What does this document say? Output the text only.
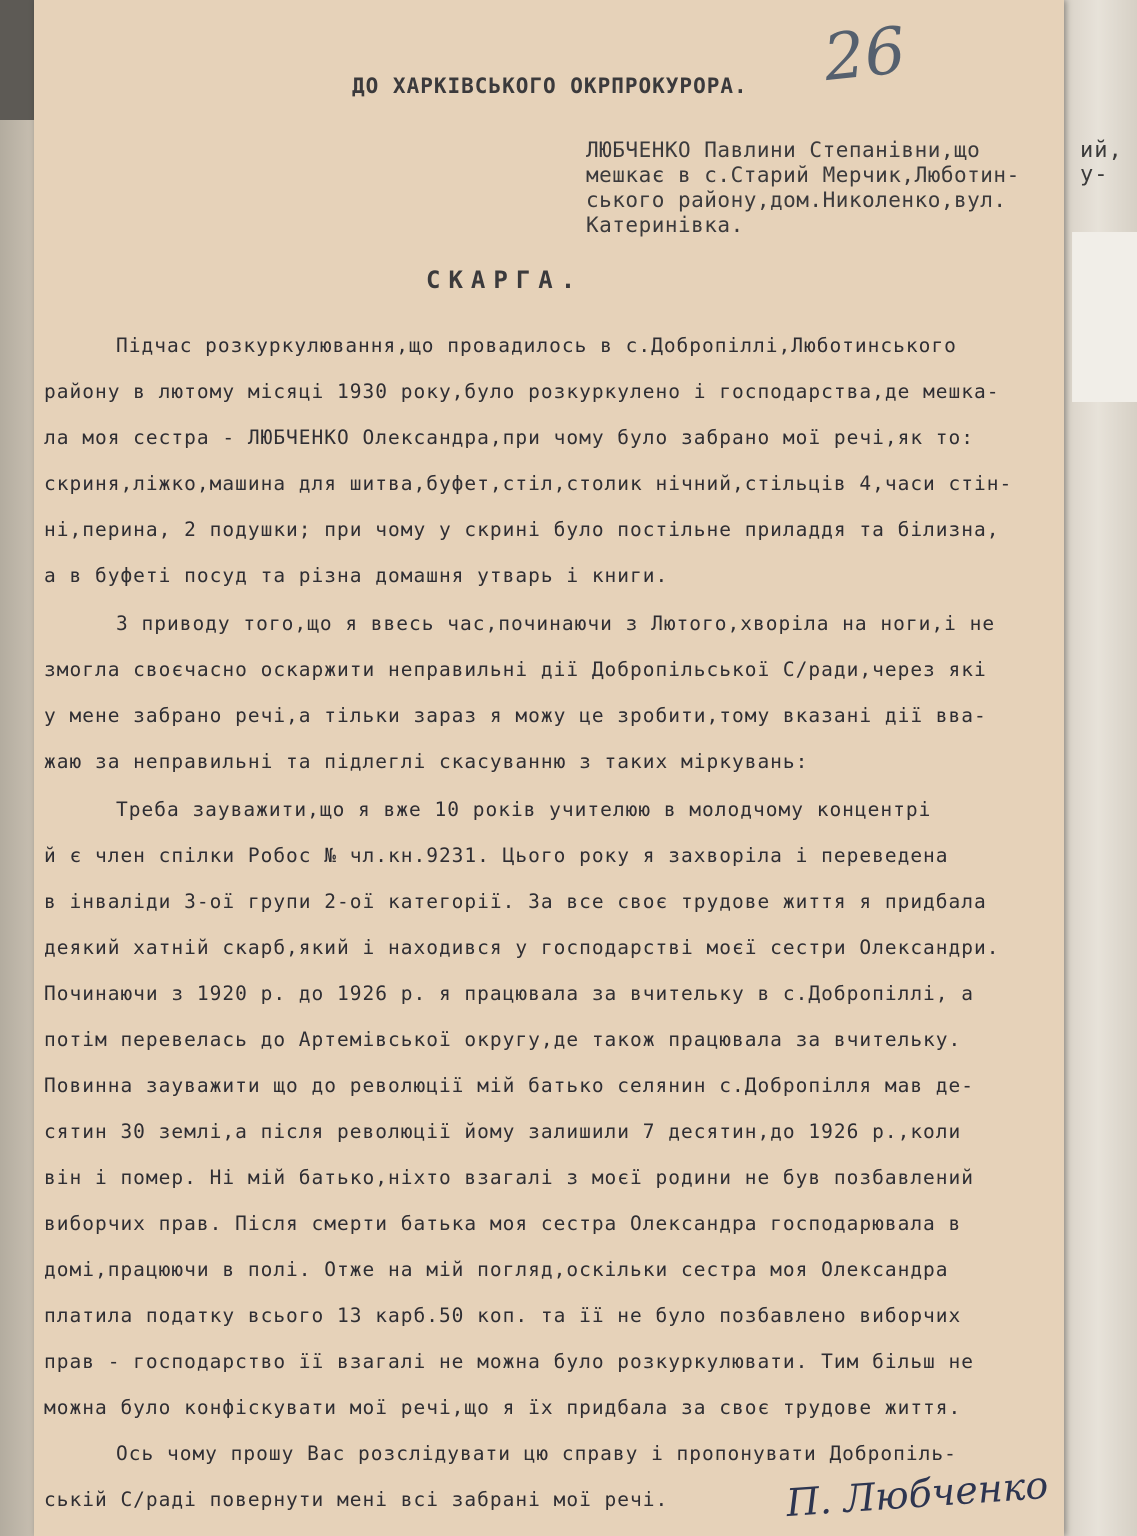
ий,
у-
26
ДО ХАРКІВСЬКОГО ОКРПРОКУРОРА.
ЛЮБЧЕНКО Павлини Степанівни,що
мешкає в с.Старий Мерчик,Люботин-
ського району,дом.Николенко,вул.
Катеринівка.
СКАРГА.
Підчас розкуркулювання,що провадилось в с.Добропіллі,Люботинського
району в лютому місяці 1930 року,було розкуркулено і господарства,де мешка-
ла моя сестра - ЛЮБЧЕНКО Олександра,при чому було забрано мої речі,як то:
скриня,ліжко,машина для шитва,буфет,стіл,столик нічний,стільців 4,часи стін-
ні,перина, 2 подушки; при чому у скрині було постільне приладдя та білизна,
а в буфеті посуд та різна домашня утварь і книги.
З приводу того,що я ввесь час,починаючи з Лютого,хворіла на ноги,і не
змогла своєчасно оскаржити неправильні дії Добропільської С/ради,через які
у мене забрано речі,а тільки зараз я можу це зробити,тому вказані дії вва-
жаю за неправильні та підлеглі скасуванню з таких міркувань:
Треба зауважити,що я вже 10 років учителюю в молодчому концентрі
й є член спілки Робос № чл.кн.9231. Цього року я захворіла і переведена
в інваліди 3-ої групи 2-ої категорії. За все своє трудове життя я придбала
деякий хатній скарб,який і находився у господарстві моєї сестри Олександри.
Починаючи з 1920 р. до 1926 р. я працювала за вчительку в с.Добропіллі, а
потім перевелась до Артемівської округу,де також працювала за вчительку.
Повинна зауважити що до революції мій батько селянин с.Добропілля мав де-
сятин 30 землі,а після революції йому залишили 7 десятин,до 1926 р.,коли
він і помер. Ні мій батько,ніхто взагалі з моєї родини не був позбавлений
виборчих прав. Після смерти батька моя сестра Олександра господарювала в
домі,працюючи в полі. Отже на мій погляд,оскільки сестра моя Олександра
платила податку всього 13 карб.50 коп. та її не було позбавлено виборчих
прав - господарство її взагалі не можна було розкуркулювати. Тим більш не
можна було конфіскувати мої речі,що я їх придбала за своє трудове життя.
Ось чому прошу Вас розслідувати цю справу і пропонувати Добропіль-
ській С/раді повернути мені всі забрані мої речі.	П. Любченко
